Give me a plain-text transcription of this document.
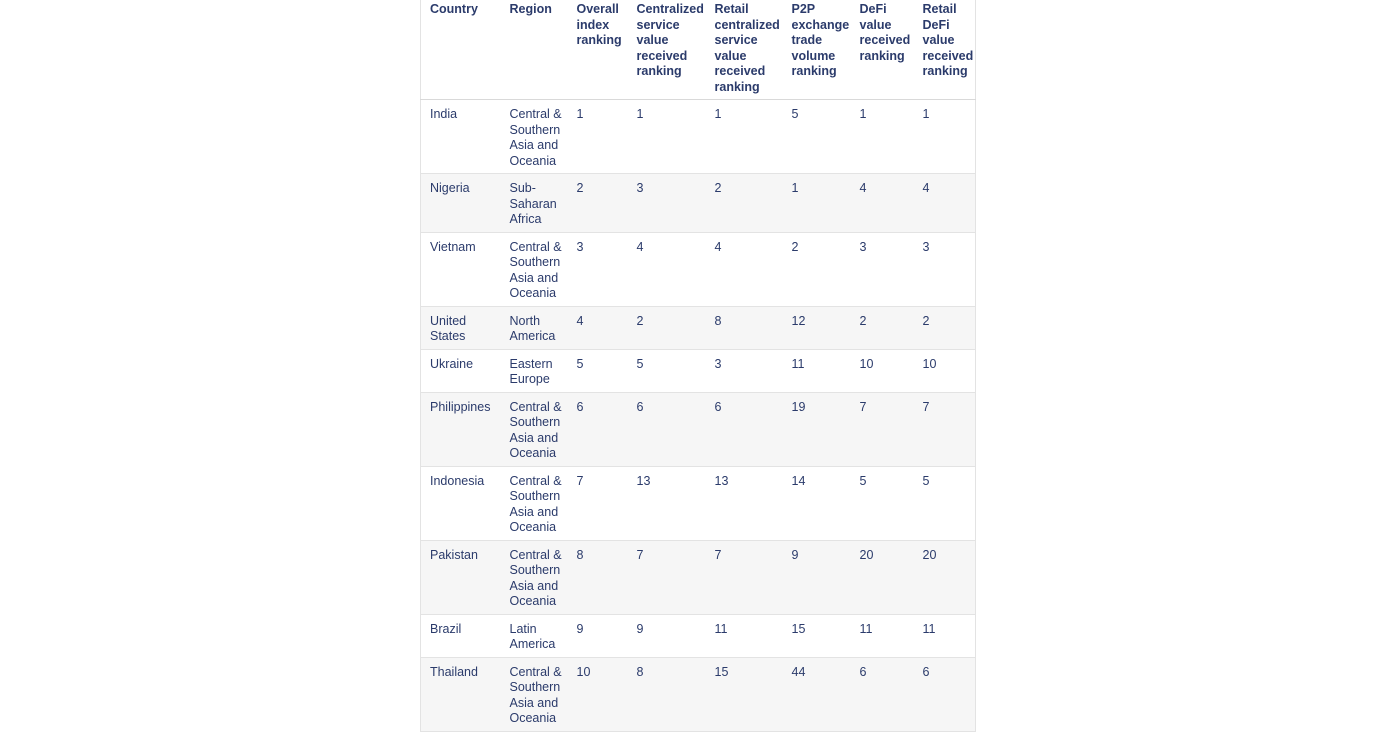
Country	Region	Overall index ranking	Centralized service value received ranking	Retail centralized service value received ranking	P2P exchange trade volume ranking	DeFi value received ranking	Retail DeFi value received ranking
India	Central & Southern Asia and Oceania	1	1	1	5	1	1
Nigeria	Sub-Saharan Africa	2	3	2	1	4	4
Vietnam	Central & Southern Asia and Oceania	3	4	4	2	3	3
United States	North America	4	2	8	12	2	2
Ukraine	Eastern Europe	5	5	3	11	10	10
Philippines	Central & Southern Asia and Oceania	6	6	6	19	7	7
Indonesia	Central & Southern Asia and Oceania	7	13	13	14	5	5
Pakistan	Central & Southern Asia and Oceania	8	7	7	9	20	20
Brazil	Latin America	9	9	11	15	11	11
Thailand	Central & Southern Asia and Oceania	10	8	15	44	6	6
